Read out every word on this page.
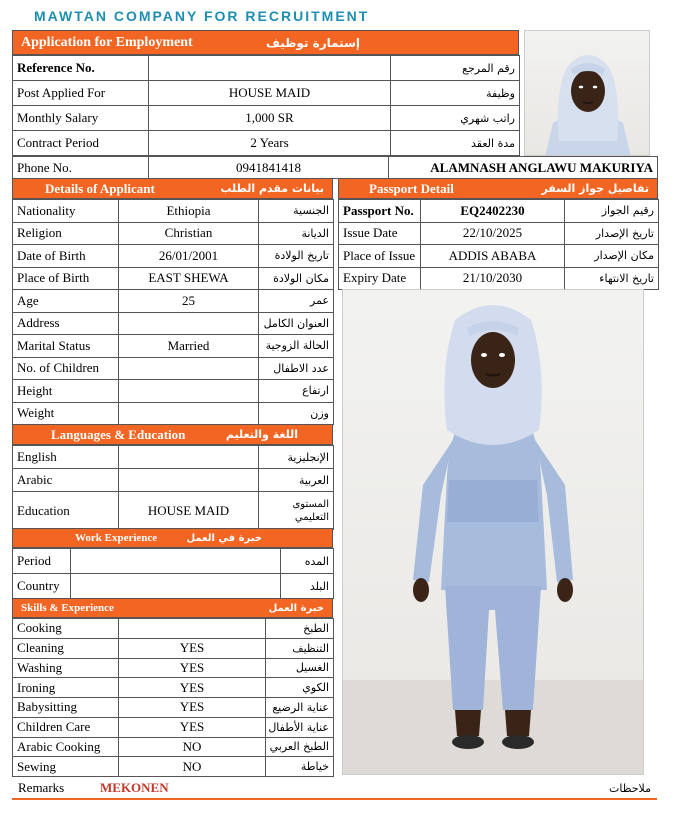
MAWTAN COMPANY FOR RECRUITMENT
Application for Employment	إستمارة توظيف
Reference No.		رقم المرجع
Post Applied For	HOUSE MAID	وظيفة
Monthly Salary	1,000 SR	راتب شهري
Contract Period	2 Years	مدة العقد
Phone No.	0941841418	ALAMNASH ANGLAWU MAKURIYA
Details of Applicant	بيانات مقدم الطلب
Nationality	Ethiopia	الجنسية
Religion	Christian	الديانة
Date of Birth	26/01/2001	تاريخ الولادة
Place of Birth	EAST SHEWA	مكان الولادة
Age	25	عمر
Address		العنوان الكامل
Marital Status	Married	الحالة الزوجية
No. of Children		عدد الاطفال
Height		ارتفاع
Weight		وزن
Passport Detail	تفاصيل جواز السفر
Passport No.	EQ2402230	رقيم الجواز
Issue Date	22/10/2025	تاريخ الإصدار
Place of Issue	ADDIS ABABA	مكان الإصدار
Expiry Date	21/10/2030	تاريخ الانتهاء
Languages & Education	اللغة والتعليم
English		الإنجليزية
Arabic		العربية
Education	HOUSE MAID	المستوى التعليمي
Work Experience	خبرة في العمل
Period		المده
Country		البلد
Skills & Experience	خبرة العمل
Cooking		الطبخ
Cleaning	YES	التنظيف
Washing	YES	الغسيل
Ironing	YES	الكوي
Babysitting	YES	عناية الرضيع
Children Care	YES	عناية الأطفال
Arabic Cooking	NO	الطبخ العربي
Sewing	NO	خياطة
Remarks	MEKONEN	ملاحظات
